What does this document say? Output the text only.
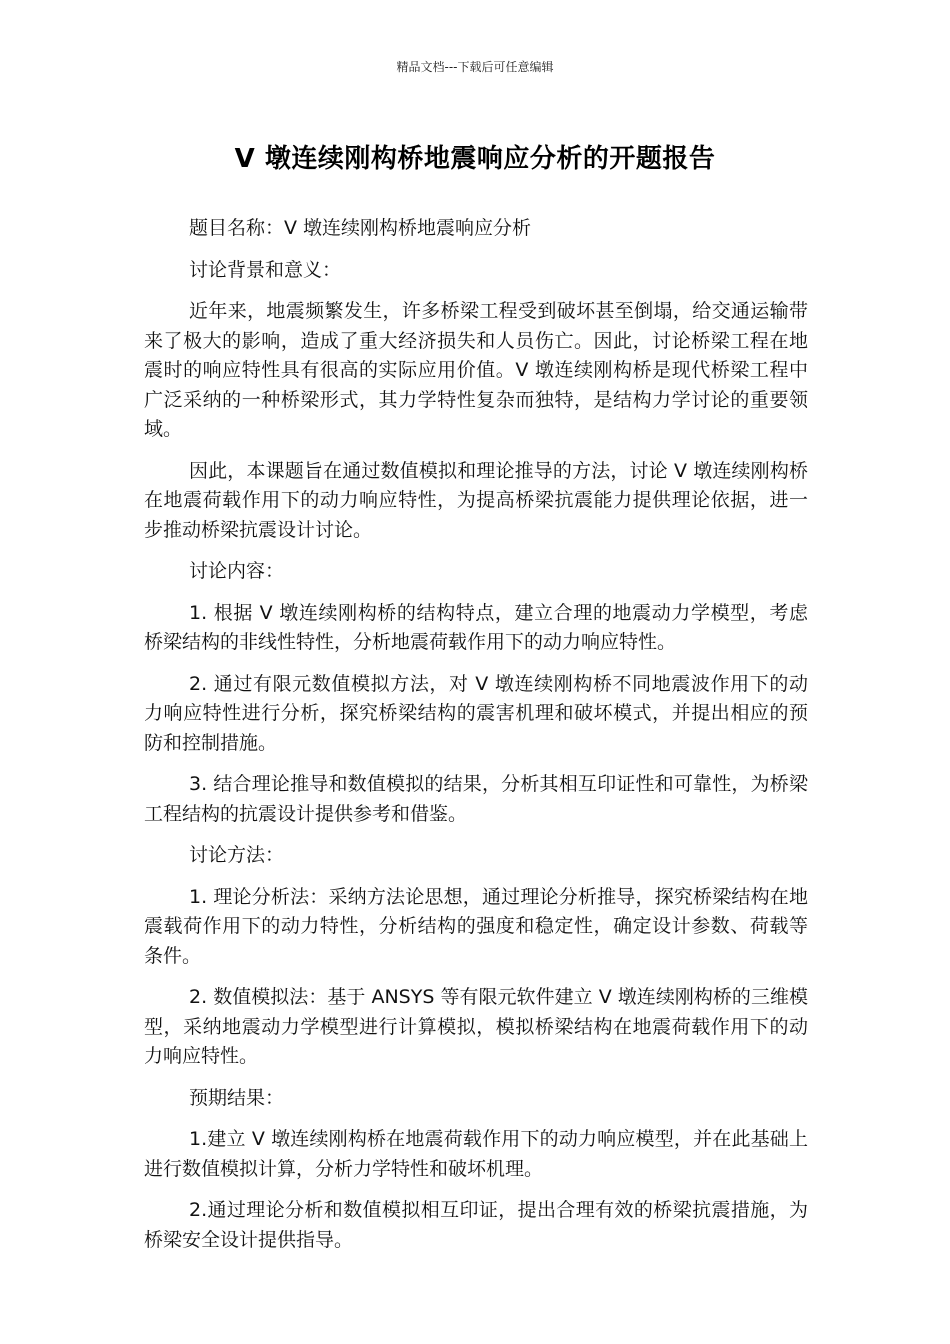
精品文档---下载后可任意编辑
V 墩连续刚构桥地震响应分析的开题报告

题目名称：V 墩连续刚构桥地震响应分析

讨论背景和意义：

近年来，地震频繁发生，许多桥梁工程受到破坏甚至倒塌，给交通运输带来了极大的影响，造成了重大经济损失和人员伤亡。因此，讨论桥梁工程在地震时的响应特性具有很高的实际应用价值。V 墩连续刚构桥是现代桥梁工程中广泛采纳的一种桥梁形式，其力学特性复杂而独特，是结构力学讨论的重要领域。

因此，本课题旨在通过数值模拟和理论推导的方法，讨论 V 墩连续刚构桥在地震荷载作用下的动力响应特性，为提高桥梁抗震能力提供理论依据，进一步推动桥梁抗震设计讨论。

讨论内容：

1. 根据 V 墩连续刚构桥的结构特点，建立合理的地震动力学模型，考虑桥梁结构的非线性特性，分析地震荷载作用下的动力响应特性。

2. 通过有限元数值模拟方法，对 V 墩连续刚构桥不同地震波作用下的动力响应特性进行分析，探究桥梁结构的震害机理和破坏模式，并提出相应的预防和控制措施。

3. 结合理论推导和数值模拟的结果，分析其相互印证性和可靠性，为桥梁工程结构的抗震设计提供参考和借鉴。

讨论方法：

1. 理论分析法：采纳方法论思想，通过理论分析推导，探究桥梁结构在地震载荷作用下的动力特性，分析结构的强度和稳定性，确定设计参数、荷载等条件。

2. 数值模拟法：基于 ANSYS 等有限元软件建立 V 墩连续刚构桥的三维模型，采纳地震动力学模型进行计算模拟，模拟桥梁结构在地震荷载作用下的动力响应特性。

预期结果：

1.建立 V 墩连续刚构桥在地震荷载作用下的动力响应模型，并在此基础上进行数值模拟计算，分析力学特性和破坏机理。

2.通过理论分析和数值模拟相互印证，提出合理有效的桥梁抗震措施，为桥梁安全设计提供指导。
